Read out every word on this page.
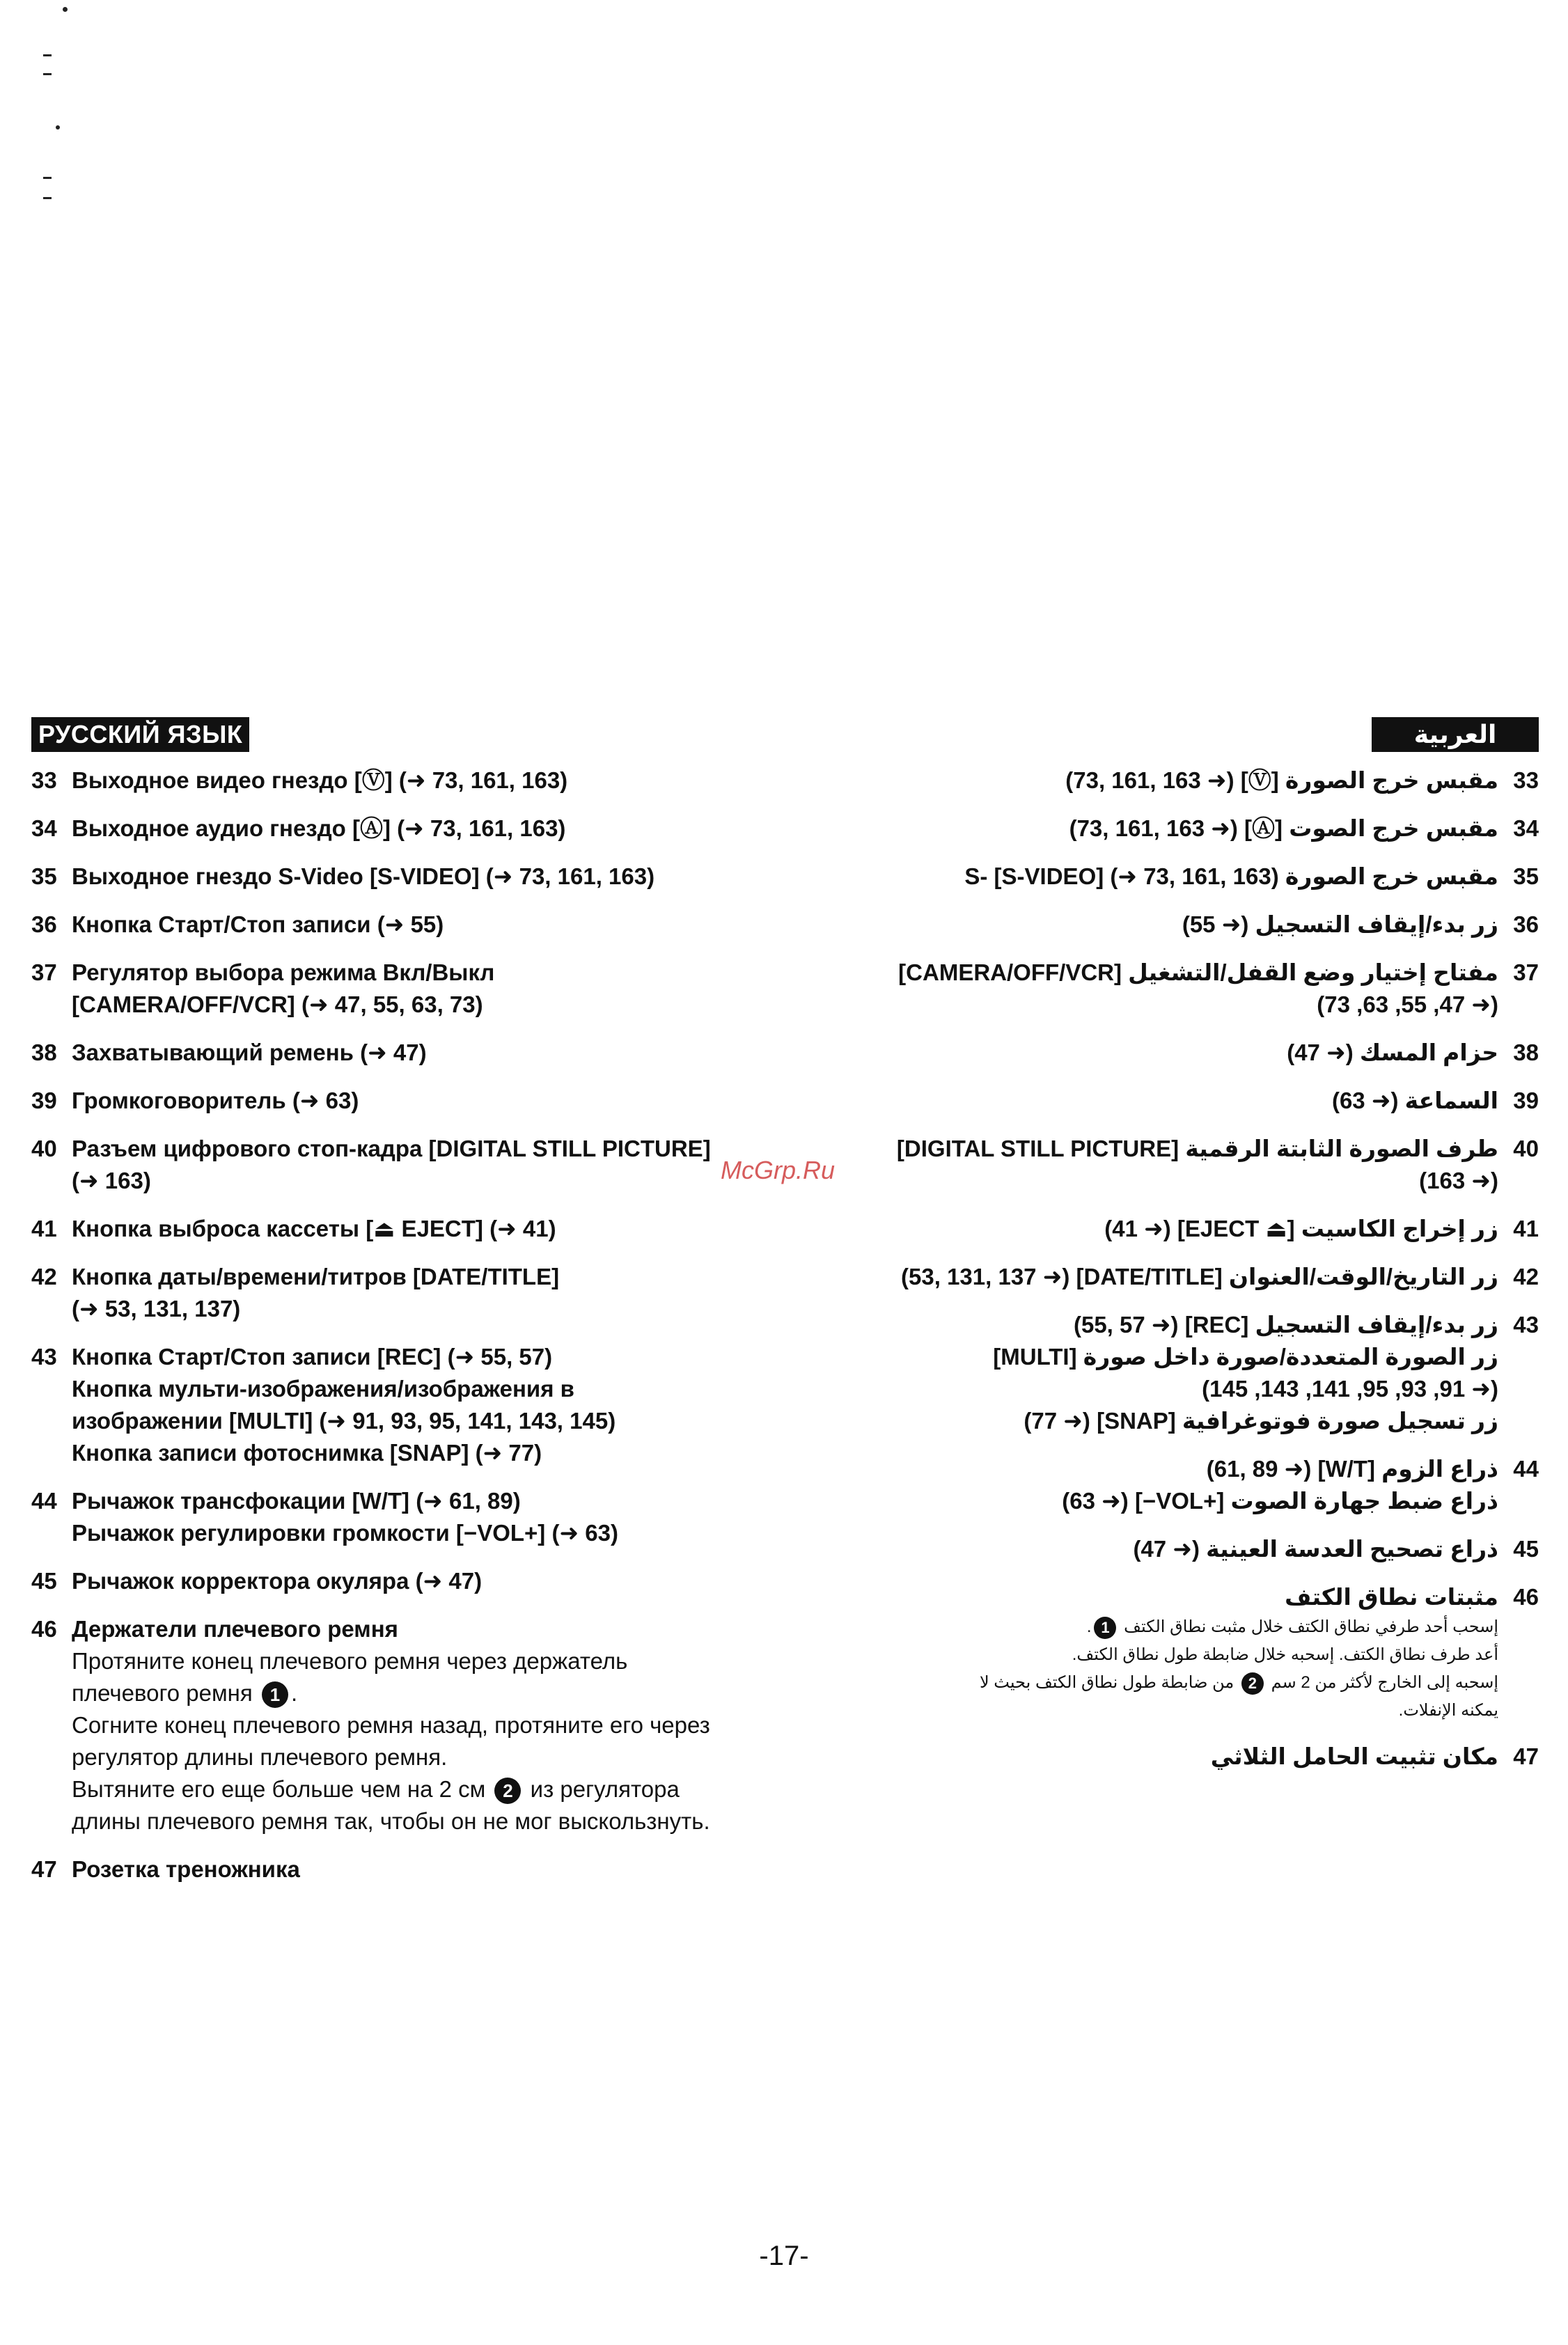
РУССКИЙ ЯЗЫК
33 Выходное видео гнездо [Ⓥ] (➜ 73, 161, 163)
34 Выходное аудио гнездо [Ⓐ] (➜ 73, 161, 163)
35 Выходное гнездо S-Video [S-VIDEO] (➜ 73, 161, 163)
36 Кнопка Старт/Стоп записи (➜ 55)
37 Регулятор выбора режима Вкл/Выкл
[CAMERA/OFF/VCR] (➜ 47, 55, 63, 73)
38 Захватывающий ремень (➜ 47)
39 Громкоговоритель (➜ 63)
40 Разъем цифрового стоп-кадра [DIGITAL STILL PICTURE]
(➜ 163)
41 Кнопка выброса кассеты [⏏ EJECT] (➜ 41)
42 Кнопка даты/времени/титров [DATE/TITLE]
(➜ 53, 131, 137)
43 Кнопка Старт/Стоп записи [REC] (➜ 55, 57)
Кнопка мульти-изображения/изображения в
изображении [MULTI] (➜ 91, 93, 95, 141, 143, 145)
Кнопка записи фотоснимка [SNAP] (➜ 77)
44 Рычажок трансфокации [W/T] (➜ 61, 89)
Рычажок регулировки громкости [−VOL+] (➜ 63)
45 Рычажок корректора окуляра (➜ 47)
46 Держатели плечевого ремня
Протяните конец плечевого ремня через держатель
плечевого ремня 1 .
Согните конец плечевого ремня назад, протяните его через
регулятор длины плечевого ремня.
Вытяните его еще больше чем на 2 см 2 из регулятора
длины плечевого ремня так, чтобы он не мог выскользнуть.
47 Розетка треножника
العربية
33
مقبس خرج الصورة [Ⓥ] (➜ 73, 161, 163)
34
مقبس خرج الصوت [Ⓐ] (➜ 73, 161, 163)
35
مقبس خرج الصورة S- [S-VIDEO] (➜ 73, 161, 163)
36
زر بدء/إيقاف التسجيل (➜ 55)
37
مفتاح إختيار وضع القفل/التشغيل [CAMERA/OFF/VCR]
(➜ 47, 55, 63, 73)
38
حزام المسك (➜ 47)
39
السماعة (➜ 63)
40
طرف الصورة الثابتة الرقمية [DIGITAL STILL PICTURE]
(➜ 163)
41
زر إخراج الكاسيت [⏏ EJECT] (➜ 41)
42
زر التاريخ/الوقت/العنوان [DATE/TITLE] (➜ 53, 131, 137)
43
زر بدء/إيقاف التسجيل [REC] (➜ 55, 57)
زر الصورة المتعددة/صورة داخل صورة [MULTI]
(➜ 91, 93, 95, 141, 143, 145)
زر تسجيل صورة فوتوغرافية [SNAP] (➜ 77)
44
ذراع الزوم [W/T] (➜ 61, 89)
ذراع ضبط جهارة الصوت [+VOL−] (➜ 63)
45
ذراع تصحيح العدسة العينية (➜ 47)
46
مثبتات نطاق الكتف
إسحب أحد طرفي نطاق الكتف خلال مثبت نطاق الكتف 1.
أعد طرف نطاق الكتف. إسحبه خلال ضابطة طول نطاق الكتف.
إسحبه إلى الخارج لأكثر من 2 سم 2 من ضابطة طول نطاق الكتف بحيث لا
يمكنه الإنفلات.
47
مكان تثبيت الحامل الثلاثي
McGrp.Ru
-17-
